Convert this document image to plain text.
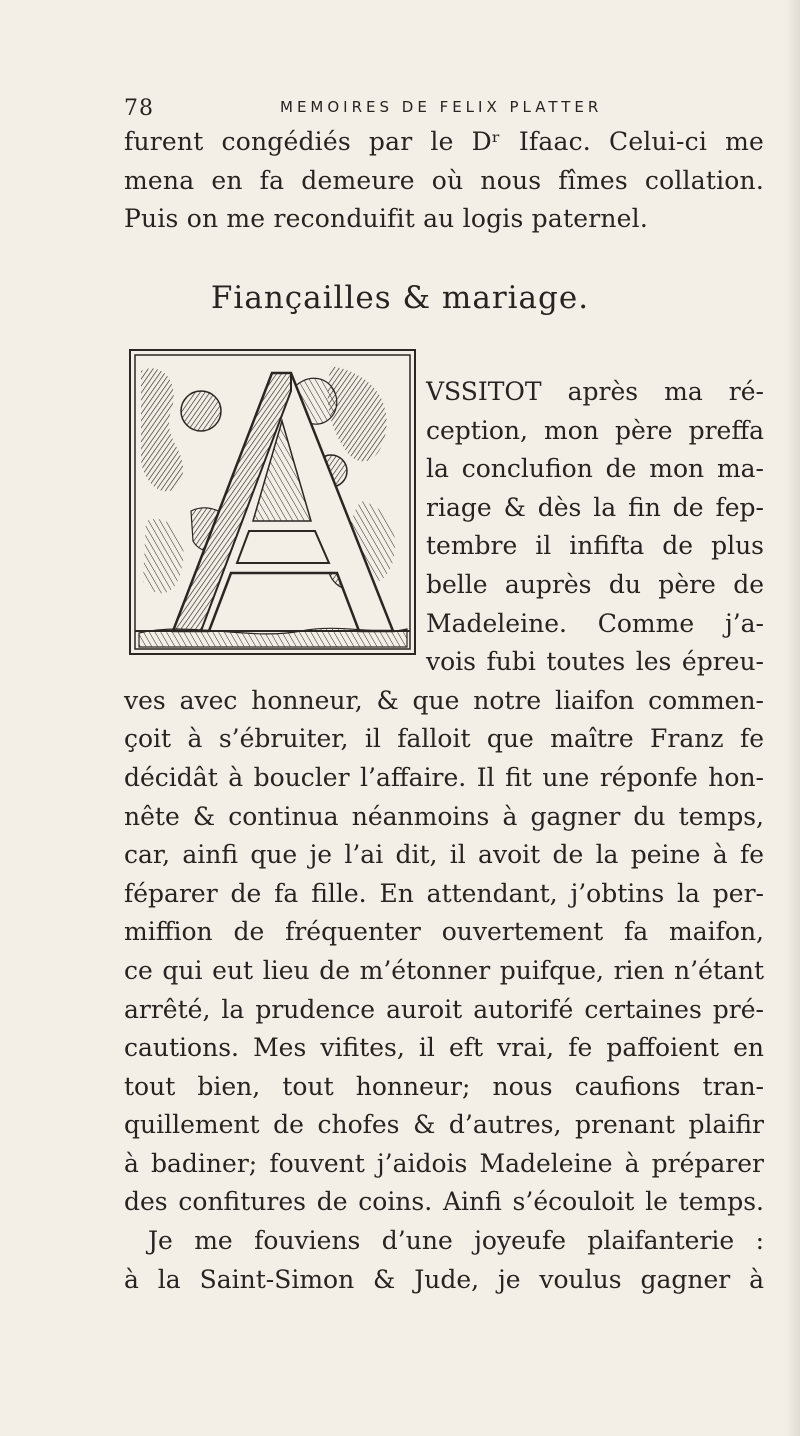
78	MEMOIRES DE FELIX PLATTER

furent congédiés par le Dʳ Ifaac. Celui-ci me
mena en fa demeure où nous fîmes collation.
Puis on me reconduifit au logis paternel.

Fiançailles & mariage.
VSSITOT après ma ré-
ception, mon père preffa
la conclufion de mon ma-
riage & dès la fin de fep-
tembre il infifta de plus
belle auprès du père de
Madeleine. Comme j’a-
vois fubi toutes les épreu-
ves avec honneur, & que notre liaifon commen-
çoit à s’ébruiter, il falloit que maître Franz fe
décidât à boucler l’affaire. Il fit une réponfe hon-
nête & continua néanmoins à gagner du temps,
car, ainfi que je l’ai dit, il avoit de la peine à fe
féparer de fa fille. En attendant, j’obtins la per-
miffion de fréquenter ouvertement fa maifon,
ce qui eut lieu de m’étonner puifque, rien n’étant
arrêté, la prudence auroit autorifé certaines pré-
cautions. Mes vifites, il eft vrai, fe paffoient en
tout bien, tout honneur; nous caufions tran-
quillement de chofes & d’autres, prenant plaifir
à badiner; fouvent j’aidois Madeleine à préparer
des confitures de coins. Ainfi s’écouloit le temps.
Je me fouviens d’une joyeufe plaifanterie :
à la Saint-Simon & Jude, je voulus gagner à
